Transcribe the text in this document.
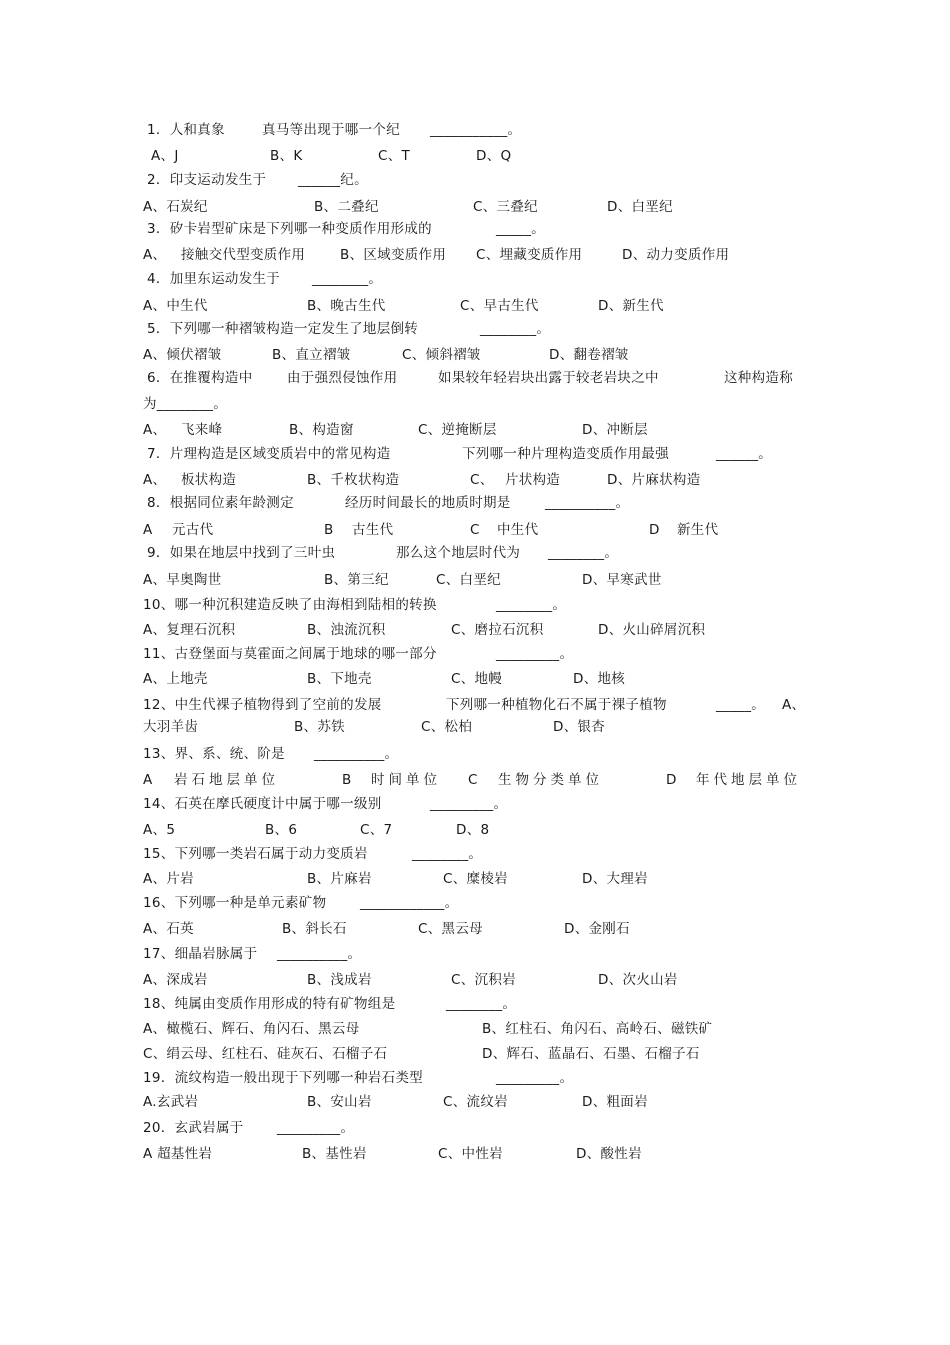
1．人和真象	真马等出现于哪一个纪 ___________。
A、J	B、K	C、T	D、Q
2．印支运动发生于 ______纪。
A、石炭纪	B、二叠纪	C、三叠纪	D、白垩纪
3．矽卡岩型矿床是下列哪一种变质作用形成的	_____。
A、 接触交代型变质作用	B、区域变质作用 C、埋藏变质作用	D、动力变质作用
4．加里东运动发生于 ________。
A、中生代	B、晚古生代	C、早古生代	D、新生代
5．下列哪一种褶皱构造一定发生了地层倒转	________。
A、倾伏褶皱	B、直立褶皱	C、倾斜褶皱	D、翻卷褶皱
6．在推覆构造中	由于强烈侵蚀作用	如果较年轻岩块出露于较老岩块之中	这种构造称
为________。
A、 飞来峰	B、构造窗	C、逆掩断层	D、冲断层
7．片理构造是区域变质岩中的常见构造	下列哪一种片理构造变质作用最强	______。
A、 板状构造	B、千枚状构造	C、 片状构造	D、片麻状构造
8．根据同位素年龄测定	经历时间最长的地质时期是	__________。
A 元古代	B 古生代	C 中生代	D 新生代
9．如果在地层中找到了三叶虫	那么这个地层时代为 ________。
A、早奥陶世	B、第三纪	C、白垩纪	D、早寒武世
10、哪一种沉积建造反映了由海相到陆相的转换	________。
A、复理石沉积	B、浊流沉积	C、磨拉石沉积	D、火山碎屑沉积
11、古登堡面与莫霍面之间属于地球的哪一部分	_________。
A、上地壳	B、下地壳	C、地幔	D、地核
12、中生代裸子植物得到了空前的发展	下列哪一种植物化石不属于裸子植物	_____。 A、
大羽羊齿	B、苏铁	C、松柏	D、银杏
13、界、系、统、阶是 __________。
A 岩石地层单位	B 时间单位 C 生物分类单位	D 年代地层单位
14、石英在摩氏硬度计中属于哪一级别	_________。
A、5	B、6	C、7	D、8
15、下列哪一类岩石属于动力变质岩	________。
A、片岩	B、片麻岩	C、糜棱岩	D、大理岩
16、下列哪一种是单元素矿物 ____________。
A、石英	B、斜长石	C、黑云母	D、金刚石
17、细晶岩脉属于 __________。
A、深成岩	B、浅成岩	C、沉积岩	D、次火山岩
18、纯属由变质作用形成的特有矿物组是	________。
A、橄榄石、辉石、角闪石、黑云母	B、红柱石、角闪石、高岭石、磁铁矿
C、绢云母、红柱石、硅灰石、石榴子石	D、辉石、蓝晶石、石墨、石榴子石
19．流纹构造一般出现于下列哪一种岩石类型	_________。
A.玄武岩	B、安山岩	C、流纹岩	D、粗面岩
20．玄武岩属于 _________。
A 超基性岩	B、基性岩	C、中性岩	D、酸性岩
